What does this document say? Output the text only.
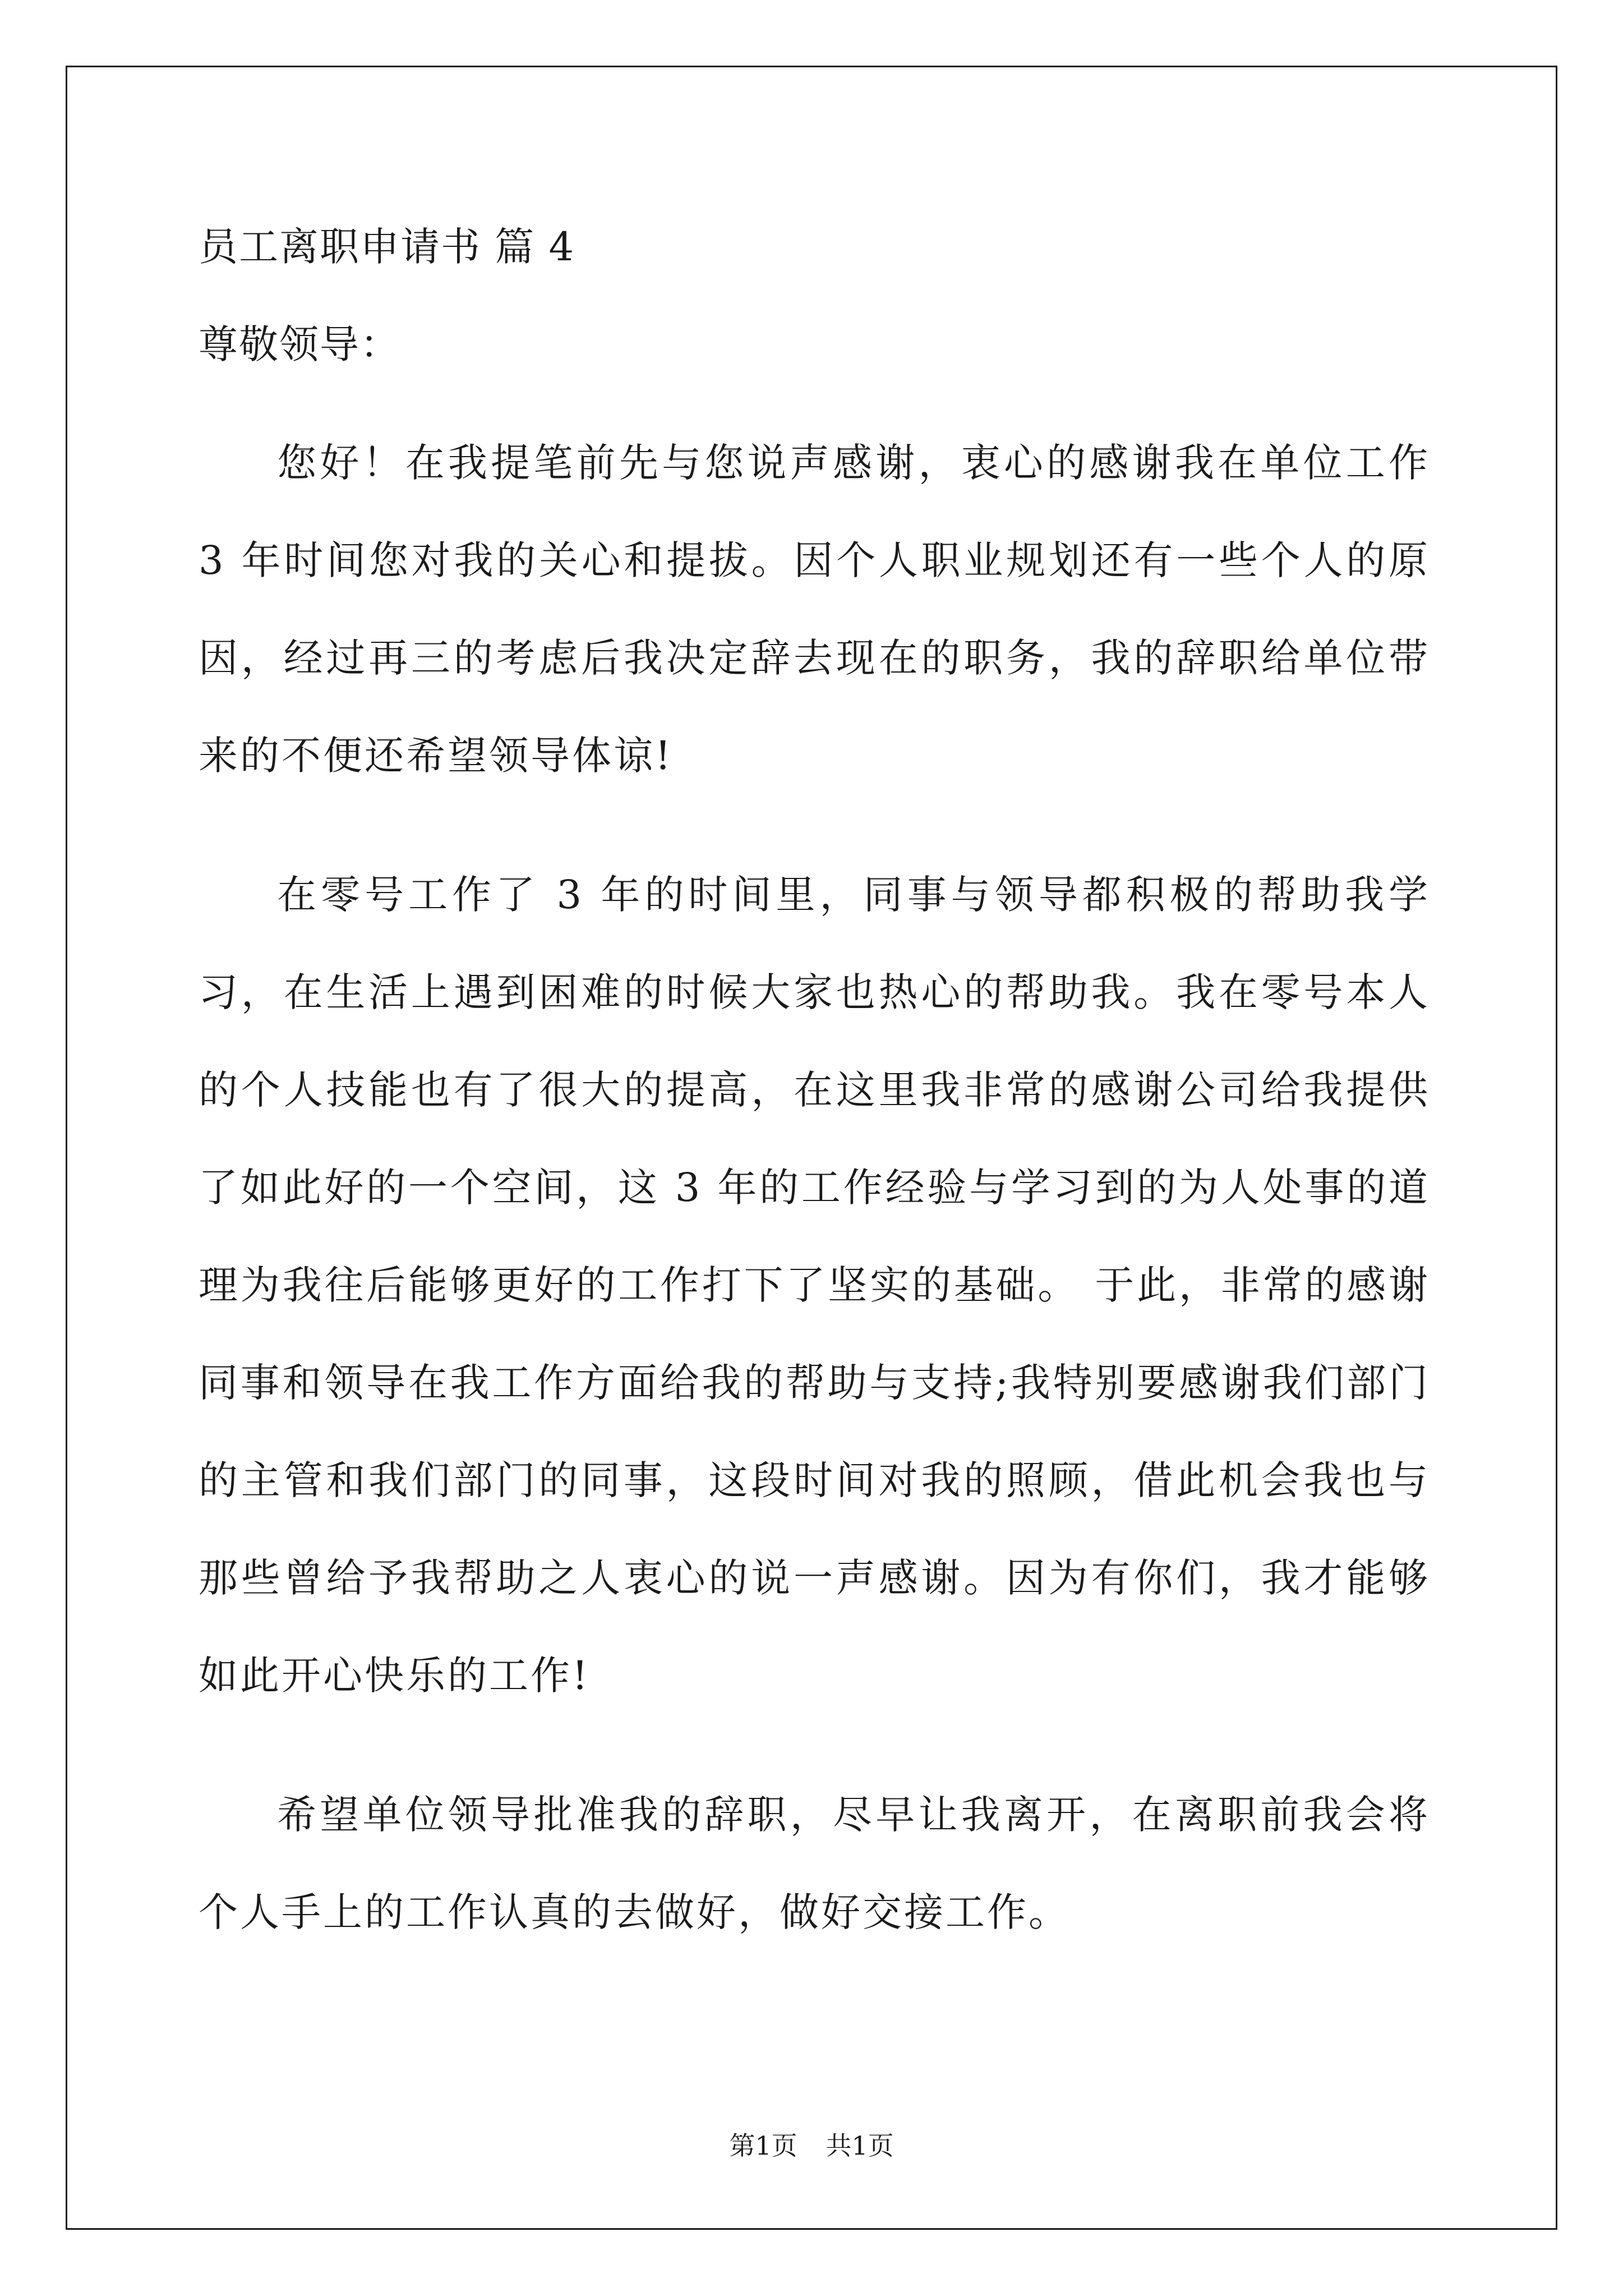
员工离职申请书 篇 4
尊敬领导：

您好！在我提笔前先与您说声感谢，衷心的感谢我在单位工作 3 年时间您对我的关心和提拔。因个人职业规划还有一些个人的原因，经过再三的考虑后我决定辞去现在的职务，我的辞职给单位带来的不便还希望领导体谅!

在零号工作了 3 年的时间里，同事与领导都积极的帮助我学习，在生活上遇到困难的时候大家也热心的帮助我。我在零号本人的个人技能也有了很大的提高，在这里我非常的感谢公司给我提供了如此好的一个空间，这 3 年的工作经验与学习到的为人处事的道理为我往后能够更好的工作打下了坚实的基础。 于此，非常的感谢同事和领导在我工作方面给我的帮助与支持;我特别要感谢我们部门的主管和我们部门的同事，这段时间对我的照顾，借此机会我也与那些曾给予我帮助之人衷心的说一声感谢。因为有你们，我才能够如此开心快乐的工作!

希望单位领导批准我的辞职，尽早让我离开，在离职前我会将个人手上的工作认真的去做好，做好交接工作。

第1页 共1页
